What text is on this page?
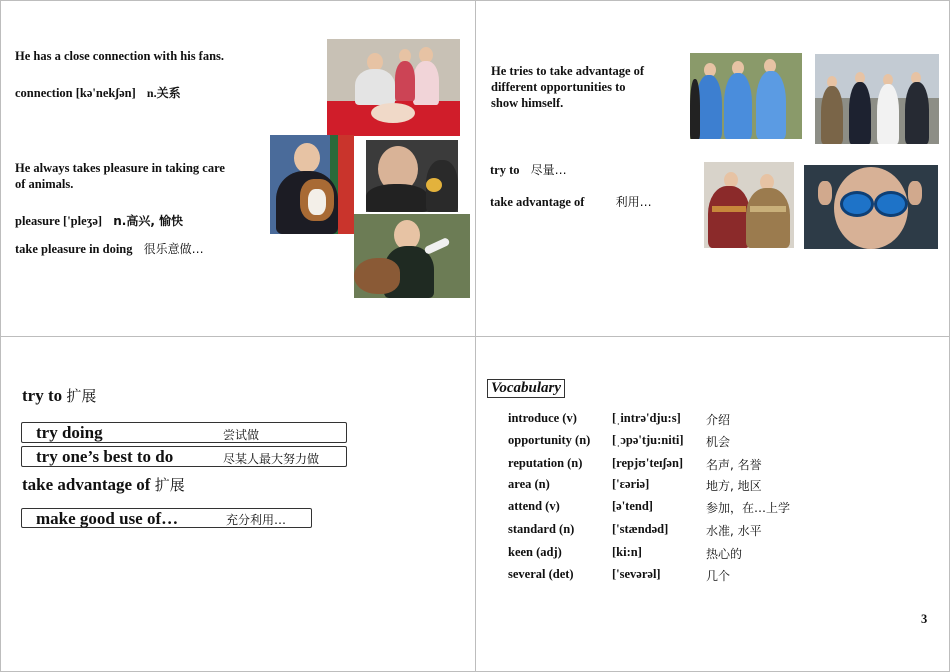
He has a close connection with his fans.
connection [kə'nekʃən] n.关系
He always takes pleasure in taking care
of animals.
pleasure ['pleʒə] n.高兴, 愉快
take pleasure in doing 很乐意做…
He tries to take advantage of
different opportunities to
show himself.
try to 尽量…
take advantage of	利用…
try to 扩展
try doing	尝试做
try one’s best to do	尽某人最大努力做
take advantage of 扩展
make good use of…	充分利用…
Vocabulary
introduce (v)	[ˌintrə'dju:s] 介绍
opportunity (n) [ˌɔpə'tju:niti] 机会
reputation (n) [repjʊ'teɪʃən] 名声, 名誉
area (n)	['ɛəriə]	地方, 地区
attend (v)	[ə'tend]	参加，在…上学
standard (n)	['stændəd]	水准, 水平
keen (adj)	[ki:n]	热心的
several (det)	['sevərəl]	几个
3
